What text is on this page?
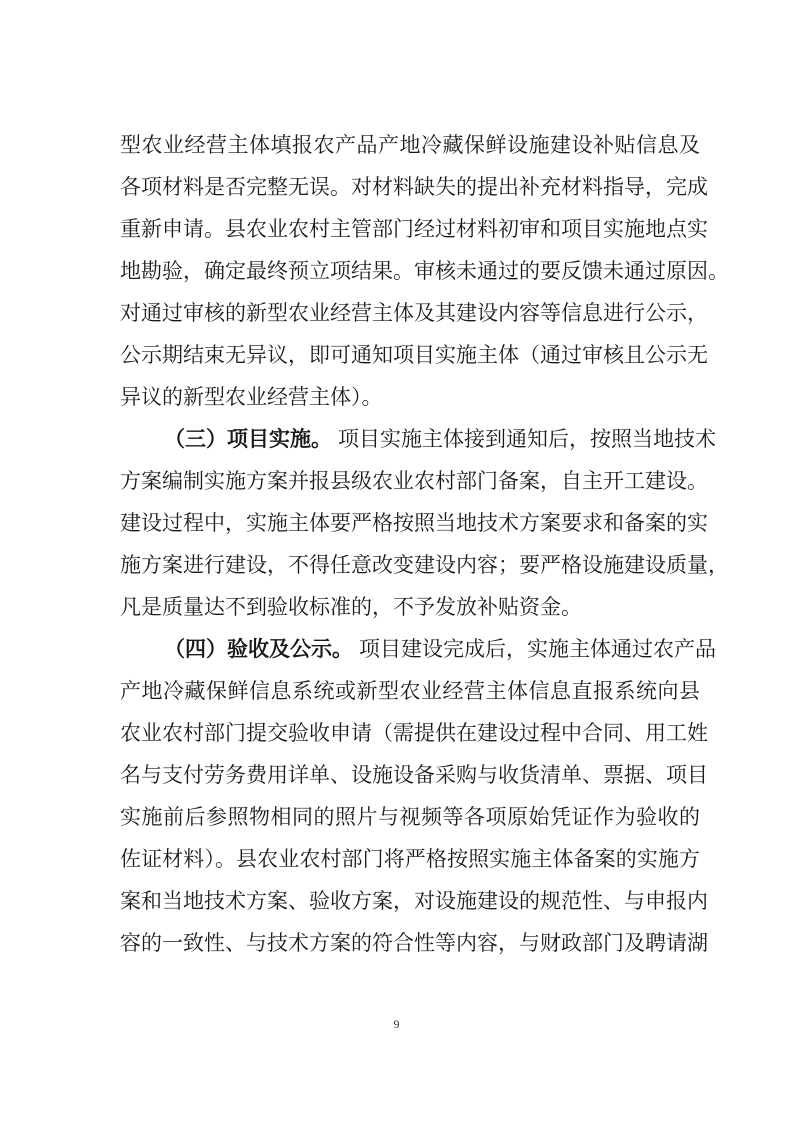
型农业经营主体填报农产品产地冷藏保鲜设施建设补贴信息及
各项材料是否完整无误。对材料缺失的提出补充材料指导，完成
重新申请。县农业农村主管部门经过材料初审和项目实施地点实
地勘验，确定最终预立项结果。审核未通过的要反馈未通过原因。
对通过审核的新型农业经营主体及其建设内容等信息进行公示，
公示期结束无异议，即可通知项目实施主体（通过审核且公示无
异议的新型农业经营主体）。
（三）项目实施。 项目实施主体接到通知后，按照当地技术
方案编制实施方案并报县级农业农村部门备案，自主开工建设。
建设过程中，实施主体要严格按照当地技术方案要求和备案的实
施方案进行建设，不得任意改变建设内容；要严格设施建设质量，
凡是质量达不到验收标准的，不予发放补贴资金。
（四）验收及公示。 项目建设完成后，实施主体通过农产品
产地冷藏保鲜信息系统或新型农业经营主体信息直报系统向县
农业农村部门提交验收申请（需提供在建设过程中合同、用工姓
名与支付劳务费用详单、设施设备采购与收货清单、票据、项目
实施前后参照物相同的照片与视频等各项原始凭证作为验收的
佐证材料）。县农业农村部门将严格按照实施主体备案的实施方
案和当地技术方案、验收方案，对设施建设的规范性、与申报内
容的一致性、与技术方案的符合性等内容，与财政部门及聘请湖
9
